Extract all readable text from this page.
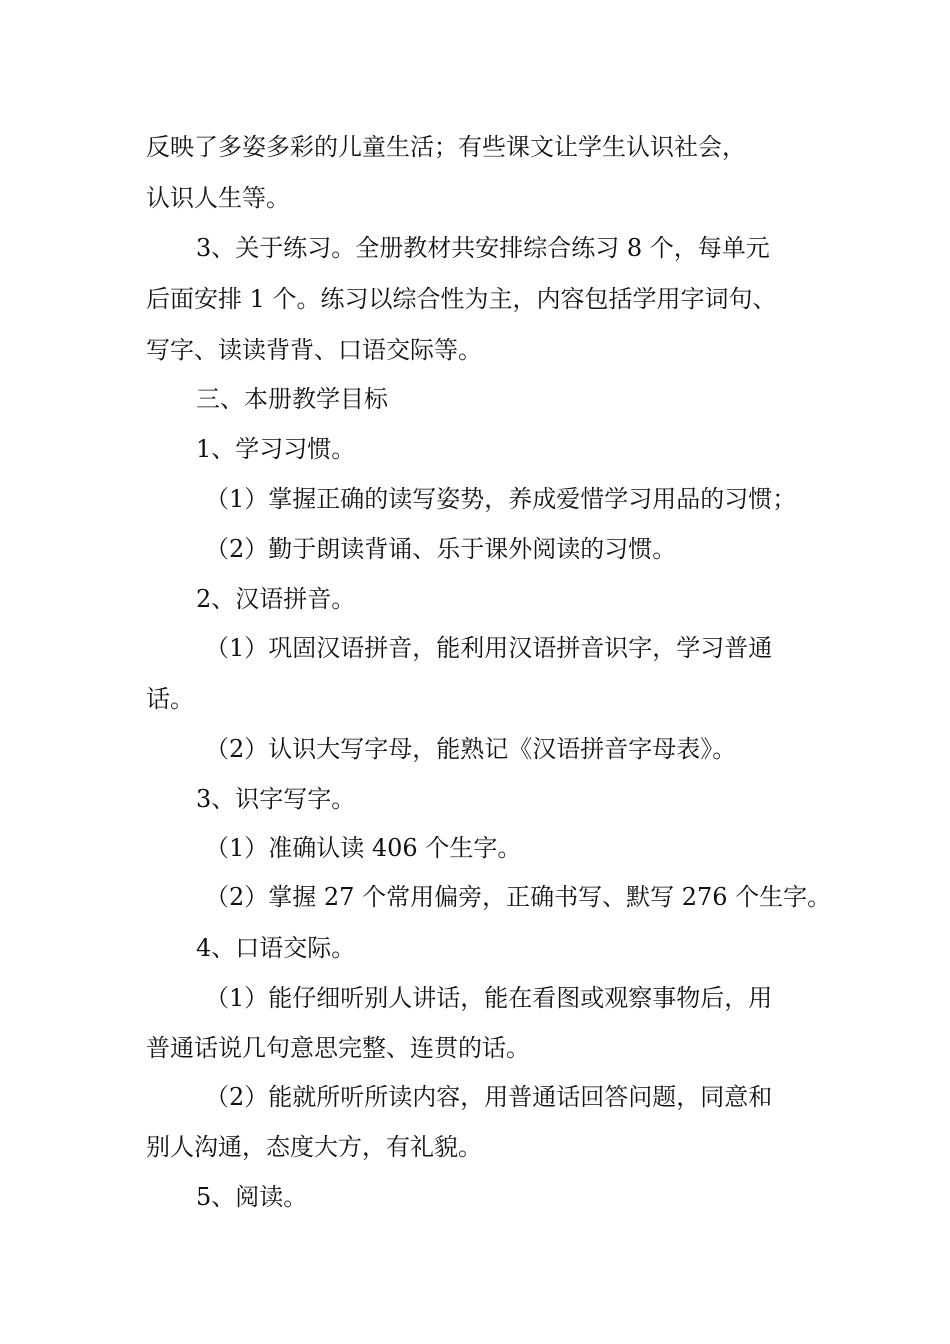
反映了多姿多彩的儿童生活；有些课文让学生认识社会，
认识人生等。
3、关于练习。全册教材共安排综合练习 8 个，每单元
后面安排 1 个。练习以综合性为主，内容包括学用字词句、
写字、读读背背、口语交际等。
三、本册教学目标
1、学习习惯。
（1）掌握正确的读写姿势，养成爱惜学习用品的习惯；
（2）勤于朗读背诵、乐于课外阅读的习惯。
2、汉语拼音。
（1）巩固汉语拼音，能利用汉语拼音识字，学习普通
话。
（2）认识大写字母，能熟记《汉语拼音字母表》。
3、识字写字。
（1）准确认读 406 个生字。
（2）掌握 27 个常用偏旁，正确书写、默写 276 个生字。
4、口语交际。
（1）能仔细听别人讲话，能在看图或观察事物后，用
普通话说几句意思完整、连贯的话。
（2）能就所听所读内容，用普通话回答问题，同意和
别人沟通，态度大方，有礼貌。
5、阅读。
